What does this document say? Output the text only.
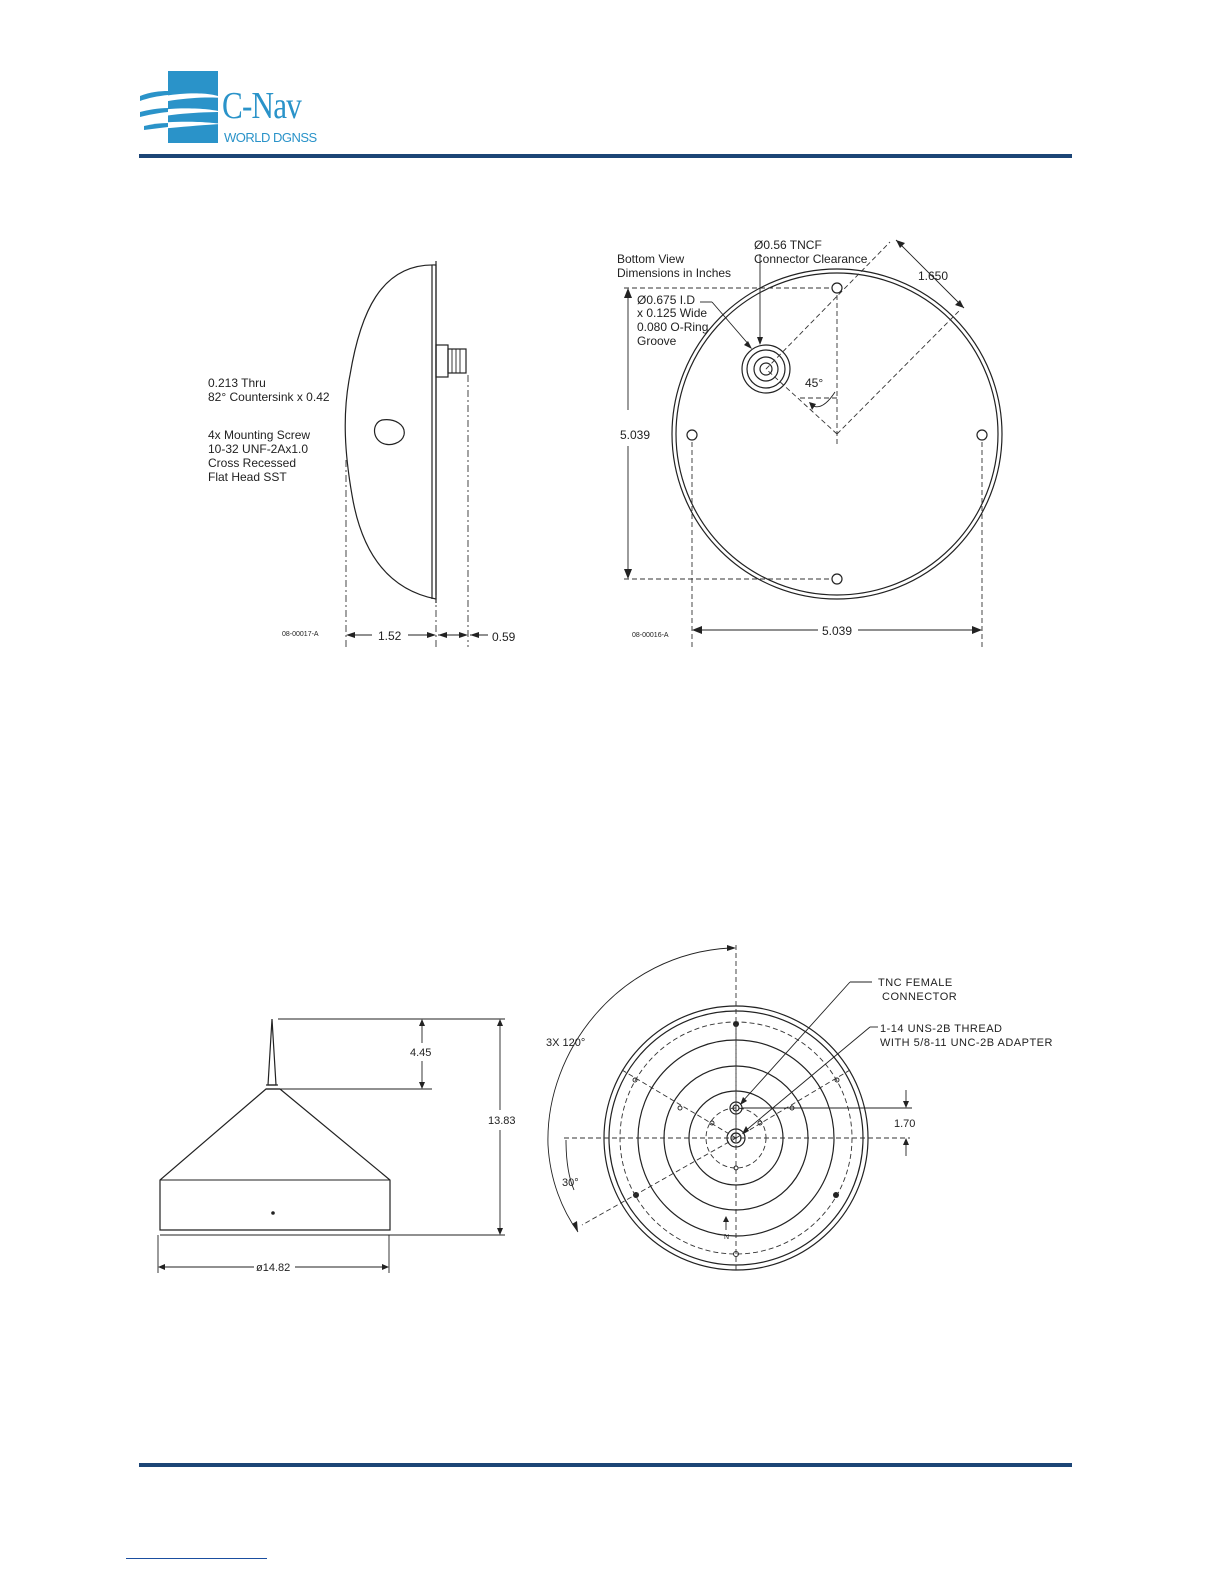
C-Nav
WORLD DGNSS
0.213 Thru
82° Countersink x 0.42
4x Mounting Screw
10-32 UNF-2Ax1.0
Cross Recessed
Flat Head SST
08-00017-A	1.52	0.59
Bottom View
Dimensions in Inches
Ø0.56 TNCF
Connector Clearance
Ø0.675 I.D
x 0.125 Wide
0.080 O-Ring
Groove
1.650
45°
5.039
5.039
08-00016-A
4.45
13.83
ø14.82
3X 120°
30°
TNC FEMALE
CONNECTOR
1-14 UNS-2B THREAD
WITH 5/8-11 UNC-2B ADAPTER
1.70
N
